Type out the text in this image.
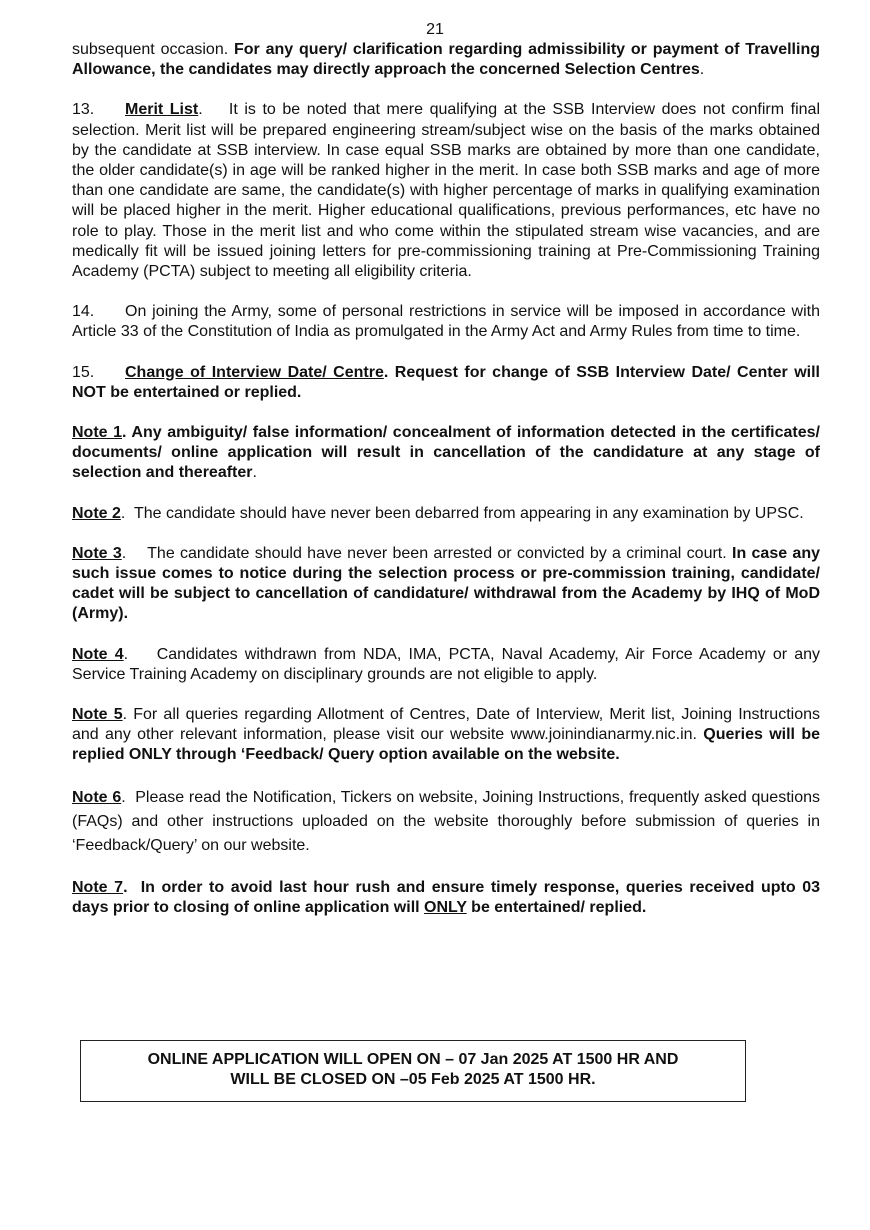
21

subsequent occasion. For any query/ clarification regarding admissibility or payment of Travelling Allowance, the candidates may directly approach the concerned Selection Centres.

13. Merit List.    It is to be noted that mere qualifying at the SSB Interview does not confirm final selection. Merit list will be prepared engineering stream/subject wise on the basis of the marks obtained by the candidate at SSB interview. In case equal SSB marks are obtained by more than one candidate, the older candidate(s) in age will be ranked higher in the merit. In case both SSB marks and age of more than one candidate are same, the candidate(s) with higher percentage of marks in qualifying examination will be placed higher in the merit. Higher educational qualifications, previous performances, etc have no role to play. Those in the merit list and who come within the stipulated stream wise vacancies, and are medically fit will be issued joining letters for pre-commissioning training at Pre-Commissioning Training Academy (PCTA) subject to meeting all eligibility criteria.

14. On joining the Army, some of personal restrictions in service will be imposed in accordance with Article 33 of the Constitution of India as promulgated in the Army Act and Army Rules from time to time.

15. Change of Interview Date/ Centre. Request for change of SSB Interview Date/ Center will NOT be entertained or replied.

Note 1. Any ambiguity/ false information/ concealment of information detected in the certificates/ documents/ online application will result in cancellation of the candidature at any stage of selection and thereafter.

Note 2.  The candidate should have never been debarred from appearing in any examination by UPSC.

Note 3.    The candidate should have never been arrested or convicted by a criminal court. In case any such issue comes to notice during the selection process or pre-commission training, candidate/ cadet will be subject to cancellation of candidature/ withdrawal from the Academy by IHQ of MoD (Army).

Note 4.    Candidates withdrawn from NDA, IMA, PCTA, Naval Academy, Air Force Academy or any Service Training Academy on disciplinary grounds are not eligible to apply.

Note 5. For all queries regarding Allotment of Centres, Date of Interview, Merit list, Joining Instructions and any other relevant information, please visit our website www.joinindianarmy.nic.in. Queries will be replied ONLY through ‘Feedback/ Query option available on the website.

Note 6.  Please read the Notification, Tickers on website, Joining Instructions, frequently asked questions (FAQs) and other instructions uploaded on the website thoroughly before submission of queries in ‘Feedback/Query’ on our website.

Note 7.  In order to avoid last hour rush and ensure timely response, queries received upto 03 days prior to closing of online application will ONLY be entertained/ replied.

ONLINE APPLICATION WILL OPEN ON – 07 Jan 2025 AT 1500 HR AND
WILL BE CLOSED ON –05 Feb 2025 AT 1500 HR.
